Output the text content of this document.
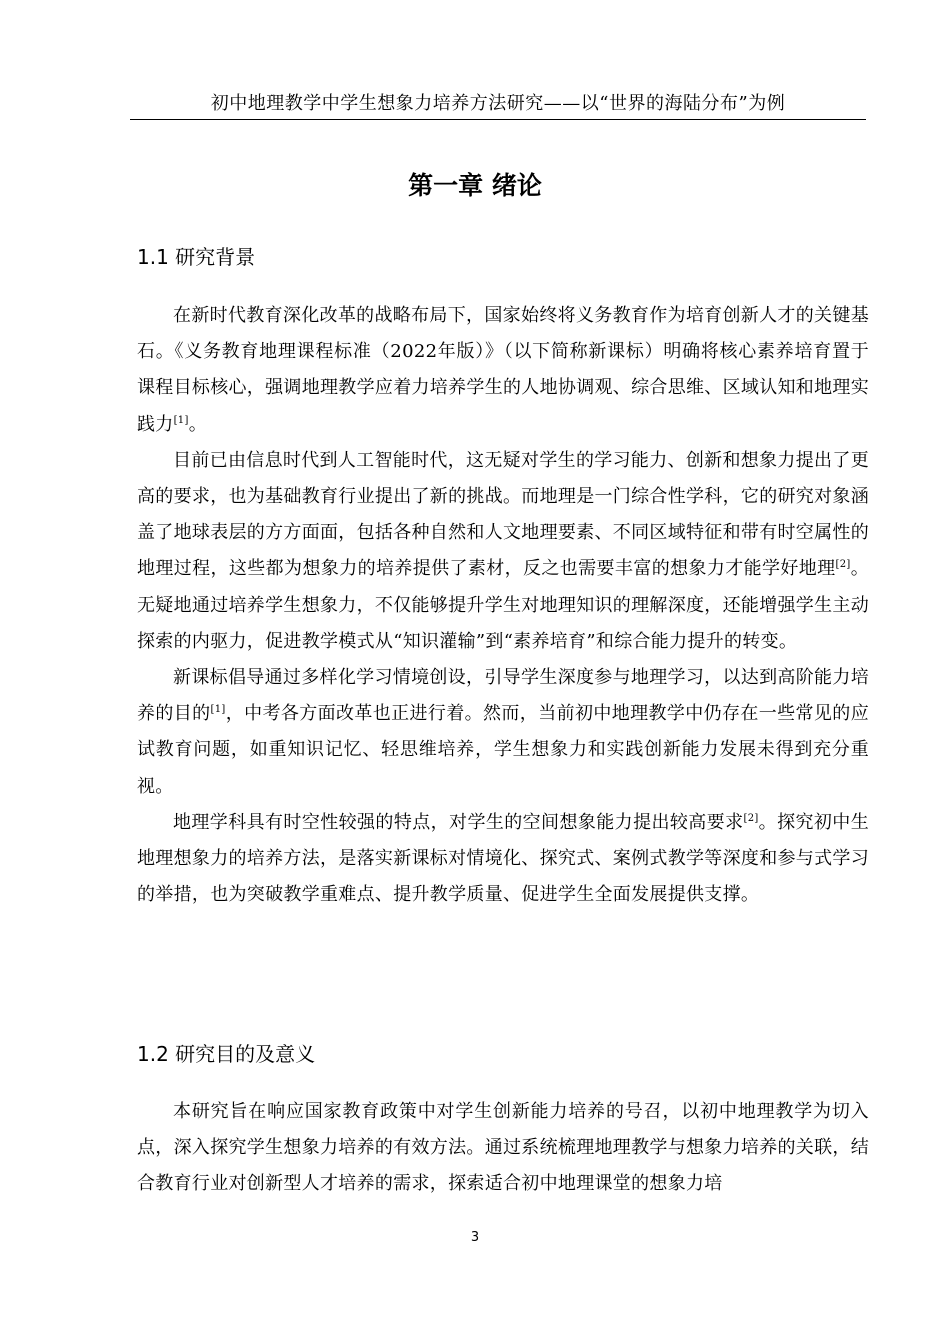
初中地理教学中学生想象力培养方法研究——以“世界的海陆分布”为例
第一章 绪论
1.1 研究背景

在新时代教育深化改革的战略布局下，国家始终将义务教育作为培育创新人才的关键基石。《义务教育地理课程标准（2022年版）》（以下简称新课标）明确将核心素养培育置于课程目标核心，强调地理教学应着力培养学生的人地协调观、综合思维、区域认知和地理实践力[1]。

目前已由信息时代到人工智能时代，这无疑对学生的学习能力、创新和想象力提出了更高的要求，也为基础教育行业提出了新的挑战。而地理是一门综合性学科，它的研究对象涵盖了地球表层的方方面面，包括各种自然和人文地理要素、不同区域特征和带有时空属性的地理过程，这些都为想象力的培养提供了素材，反之也需要丰富的想象力才能学好地理[2]。无疑地通过培养学生想象力，不仅能够提升学生对地理知识的理解深度，还能增强学生主动探索的内驱力，促进教学模式从“知识灌输”到“素养培育”和综合能力提升的转变。

新课标倡导通过多样化学习情境创设，引导学生深度参与地理学习，以达到高阶能力培养的目的[1]，中考各方面改革也正进行着。然而，当前初中地理教学中仍存在一些常见的应试教育问题，如重知识记忆、轻思维培养，学生想象力和实践创新能力发展未得到充分重视。

地理学科具有时空性较强的特点，对学生的空间想象能力提出较高要求[2]。探究初中生地理想象力的培养方法，是落实新课标对情境化、探究式、案例式教学等深度和参与式学习的举措，也为突破教学重难点、提升教学质量、促进学生全面发展提供支撑。

1.2 研究目的及意义

本研究旨在响应国家教育政策中对学生创新能力培养的号召，以初中地理教学为切入点，深入探究学生想象力培养的有效方法。通过系统梳理地理教学与想象力培养的关联，结合教育行业对创新型人才培养的需求，探索适合初中地理课堂的想象力培

3
